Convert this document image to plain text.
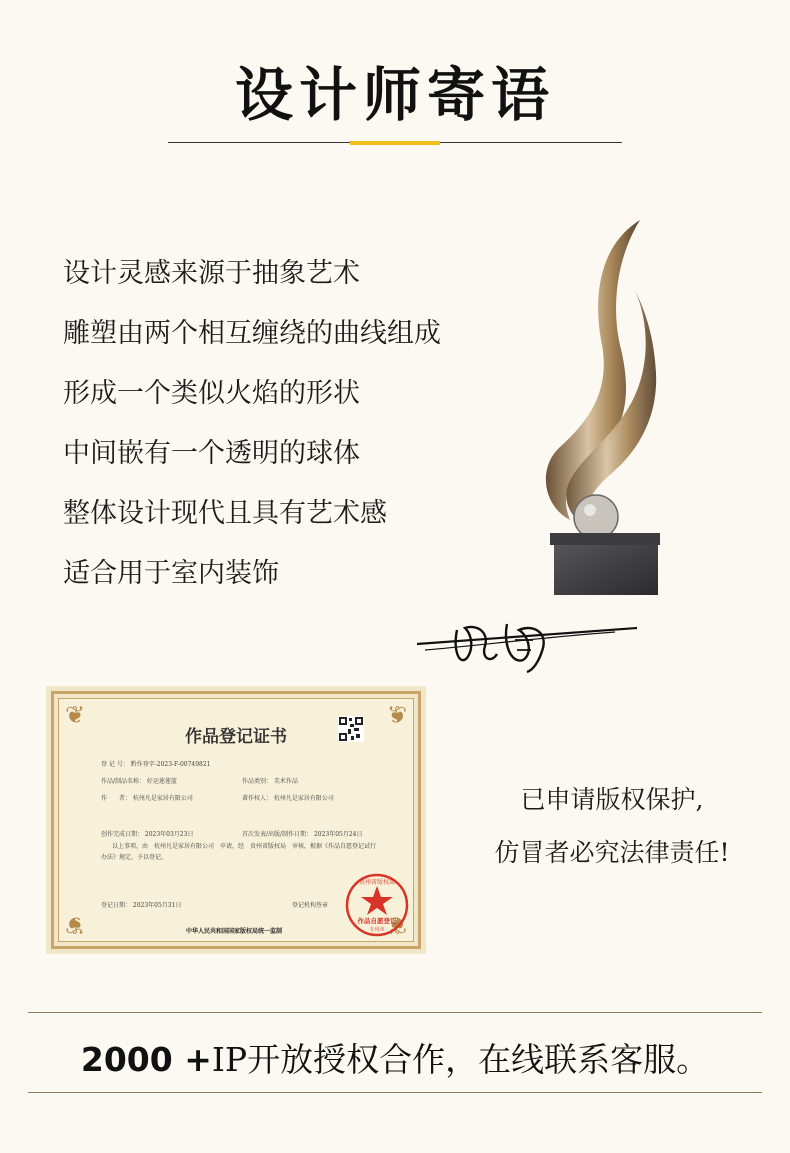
设计师寄语
设计灵感来源于抽象艺术
雕塑由两个相互缠绕的曲线组成
形成一个类似火焰的形状
中间嵌有一个透明的球体
整体设计现代且具有艺术感
适合用于室内装饰
❦	❦
❦	❦
作品登记证书
登 记 号： 黔作登字-2023-F-00749821
作品/制品名称： 好运莲莲篮	作品类别： 美术作品
作　　者： 杭州凡是家居有限公司	著作权人： 杭州凡是家居有限公司
创作完成日期： 2023年03月23日	首次发表/出版/制作日期： 2023年05月24日
以上事项，由　杭州凡是家居有限公司　申请，经　贵州省版权局　审核，根据《作品自愿登记试行
办法》规定，予以登记。
登记日期： 2023年05月31日	登记机构签章
中华人民共和国国家版权局统一监制
贵州省版权局
作品自愿登记
专用章
已申请版权保护,
仿冒者必究法律责任!
2000 +IP开放授权合作，在线联系客服。
